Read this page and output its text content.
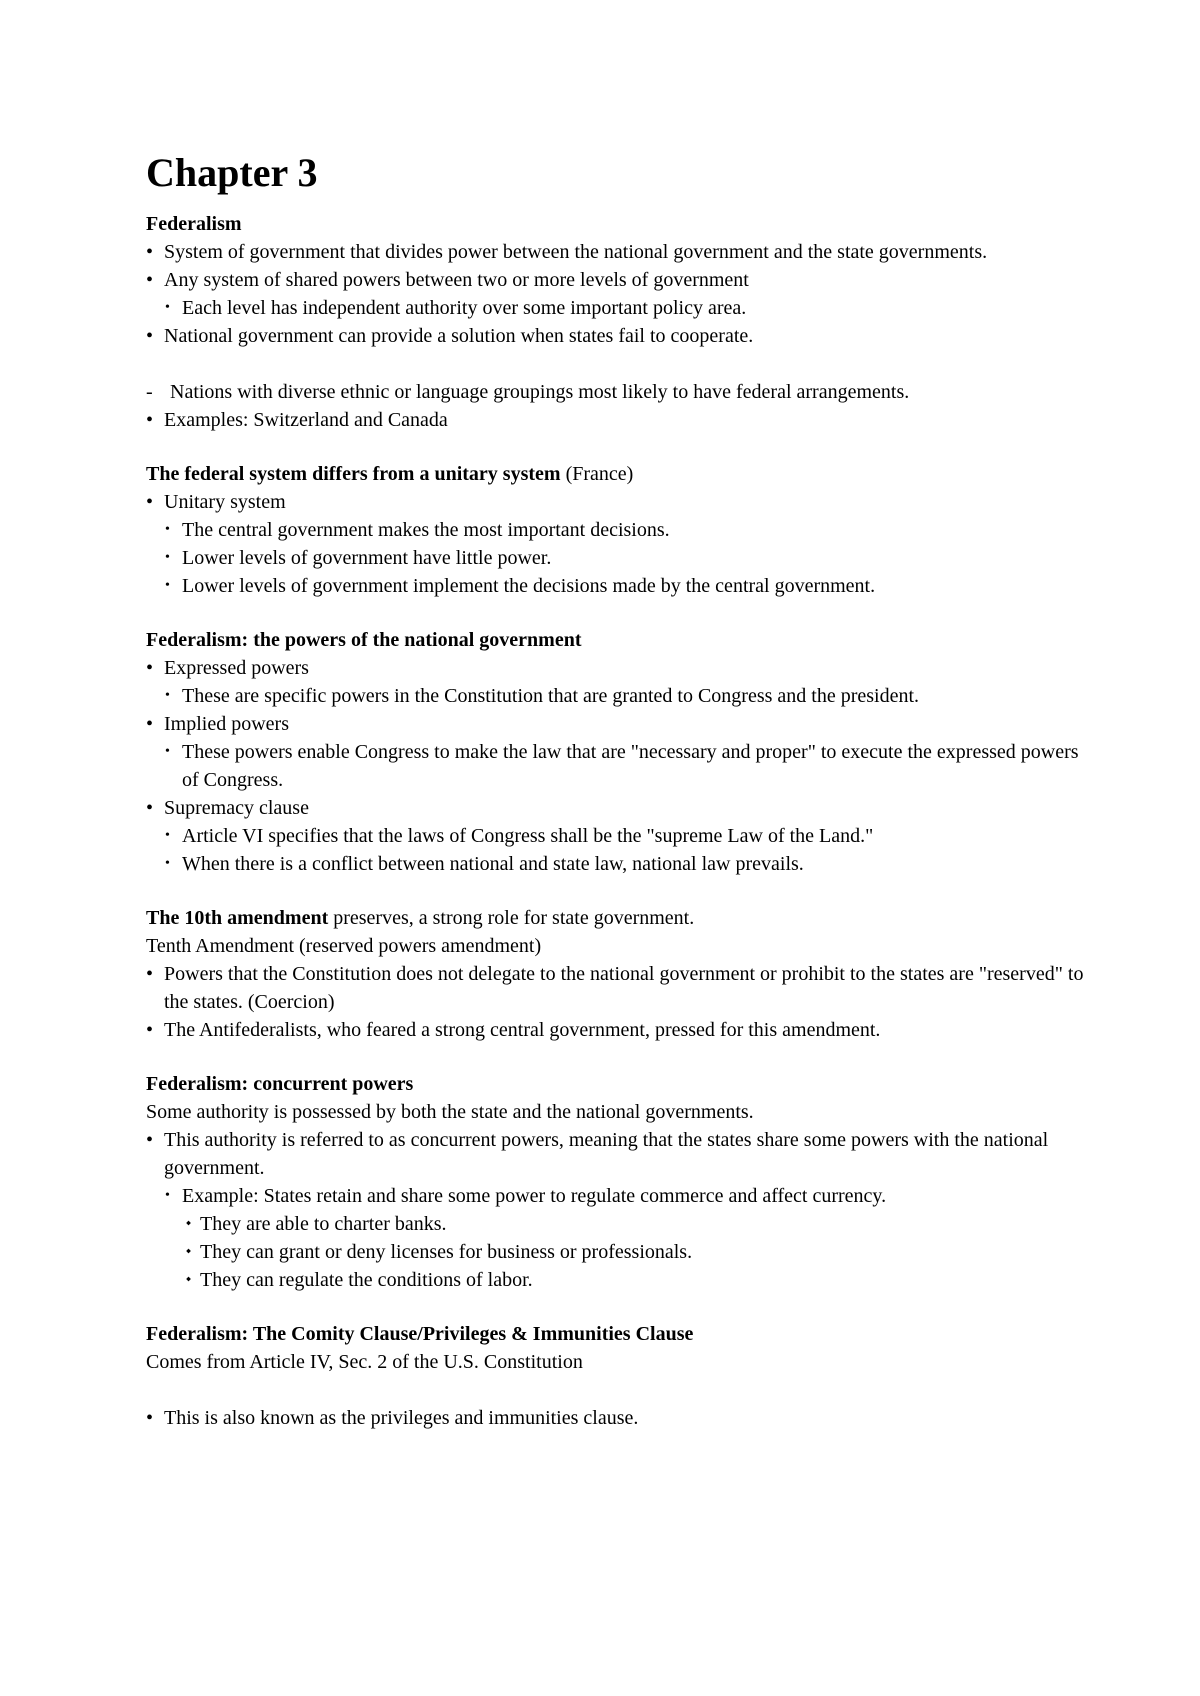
Chapter 3
Federalism
• System of government that divides power between the national government and the state governments.
• Any system of shared powers between two or more levels of government
• Each level has independent authority over some important policy area.
• National government can provide a solution when states fail to cooperate.
- Nations with diverse ethnic or language groupings most likely to have federal arrangements.
• Examples: Switzerland and Canada
The federal system differs from a unitary system (France)
• Unitary system
• The central government makes the most important decisions.
• Lower levels of government have little power.
• Lower levels of government implement the decisions made by the central government.
Federalism: the powers of the national government
• Expressed powers
• These are specific powers in the Constitution that are granted to Congress and the president.
• Implied powers
• These powers enable Congress to make the law that are "necessary and proper" to execute the expressed powers of Congress.
• Supremacy clause
• Article VI specifies that the laws of Congress shall be the "supreme Law of the Land."
• When there is a conflict between national and state law, national law prevails.
The 10th amendment preserves, a strong role for state government.
Tenth Amendment (reserved powers amendment)
• Powers that the Constitution does not delegate to the national government or prohibit to the states are "reserved" to the states. (Coercion)
• The Antifederalists, who feared a strong central government, pressed for this amendment.
Federalism: concurrent powers
Some authority is possessed by both the state and the national governments.
• This authority is referred to as concurrent powers, meaning that the states share some powers with the national government.
• Example: States retain and share some power to regulate commerce and affect currency.
⬩ They are able to charter banks.
⬩ They can grant or deny licenses for business or professionals.
⬩ They can regulate the conditions of labor.
Federalism: The Comity Clause/Privileges & Immunities Clause
Comes from Article IV, Sec. 2 of the U.S. Constitution
• This is also known as the privileges and immunities clause.
